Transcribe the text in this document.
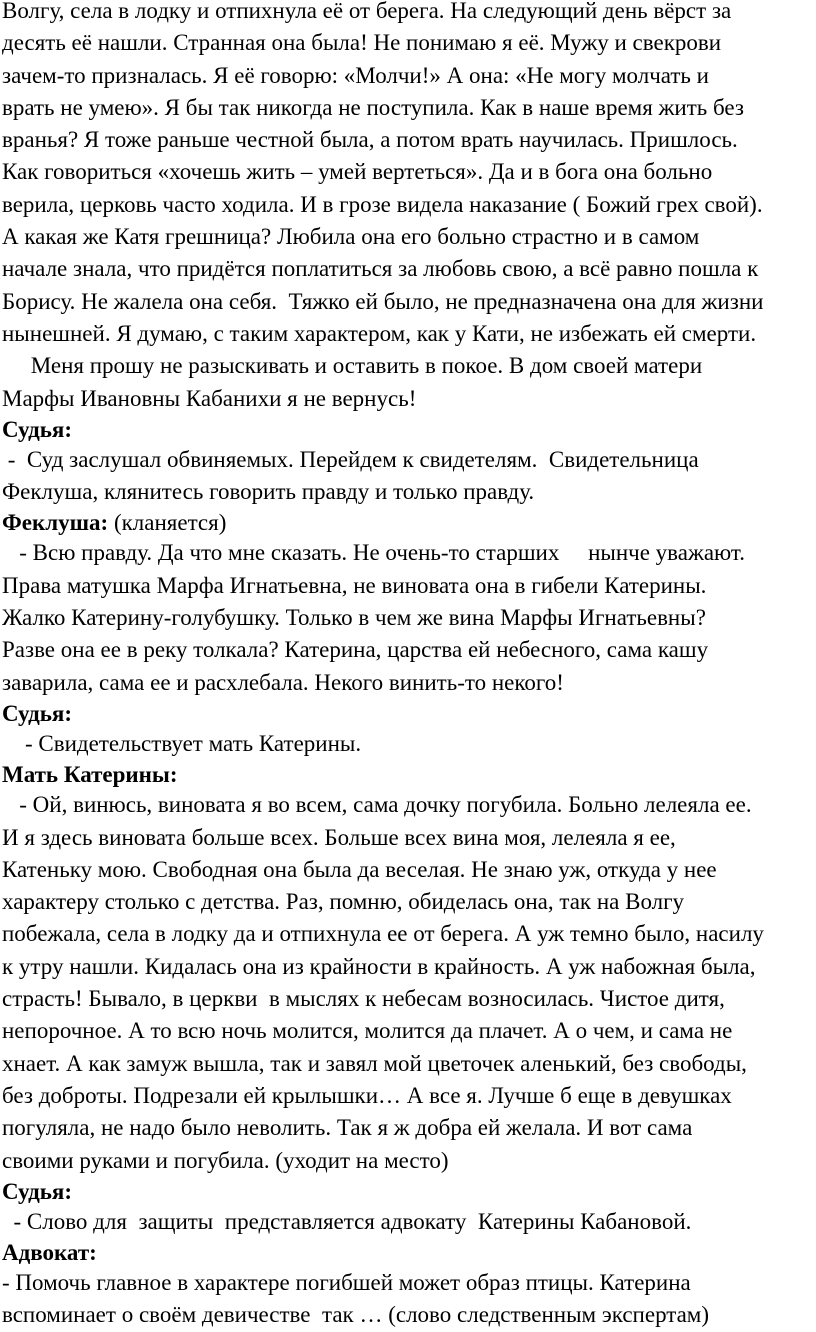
Волгу, села в лодку и отпихнула её от берега. На следующий день вёрст за
десять её нашли. Странная она была! Не понимаю я её. Мужу и свекрови
зачем-то призналась. Я её говорю: «Молчи!» А она: «Не могу молчать и
врать не умею». Я бы так никогда не поступила. Как в наше время жить без
вранья? Я тоже раньше честной была, а потом врать научилась. Пришлось.
Как говориться «хочешь жить – умей вертеться». Да и в бога она больно
верила, церковь часто ходила. И в грозе видела наказание ( Божий грех свой).
А какая же Катя грешница? Любила она его больно страстно и в самом
начале знала, что придётся поплатиться за любовь свою, а всё равно пошла к
Борису. Не жалела она себя.  Тяжко ей было, не предназначена она для жизни
нынешней. Я думаю, с таким характером, как у Кати, не избежать ей смерти.
Меня прошу не разыскивать и оставить в покое. В дом своей матери
Марфы Ивановны Кабанихи я не вернусь!
Судья:
-  Суд заслушал обвиняемых. Перейдем к свидетелям.  Свидетельница
Феклуша, клянитесь говорить правду и только правду.
Феклуша: (кланяется)
- Всю правду. Да что мне сказать. Не очень-то старших     нынче уважают.
Права матушка Марфа Игнатьевна, не виновата она в гибели Катерины.
Жалко Катерину-голубушку. Только в чем же вина Марфы Игнатьевны?
Разве она ее в реку толкала? Катерина, царства ей небесного, сама кашу
заварила, сама ее и расхлебала. Некого винить-то некого!
Судья:
- Свидетельствует мать Катерины.
Мать Катерины:
- Ой, винюсь, виновата я во всем, сама дочку погубила. Больно лелеяла ее.
И я здесь виновата больше всех. Больше всех вина моя, лелеяла я ее,
Катеньку мою. Свободная она была да веселая. Не знаю уж, откуда у нее
характеру столько с детства. Раз, помню, обиделась она, так на Волгу
побежала, села в лодку да и отпихнула ее от берега. А уж темно было, насилу
к утру нашли. Кидалась она из крайности в крайность. А уж набожная была,
страсть! Бывало, в церкви  в мыслях к небесам возносилась. Чистое дитя,
непорочное. А то всю ночь молится, молится да плачет. А о чем, и сама не
хнает. А как замуж вышла, так и завял мой цветочек аленький, без свободы,
без доброты. Подрезали ей крылышки… А все я. Лучше б еще в девушках
погуляла, не надо было неволить. Так я ж добра ей желала. И вот сама
своими руками и погубила. (уходит на место)
Судья:
- Слово для  защиты  представляется адвокату  Катерины Кабановой.
Адвокат:
- Помочь главное в характере погибшей может образ птицы. Катерина
вспоминает о своём девичестве  так … (слово следственным экспертам)
